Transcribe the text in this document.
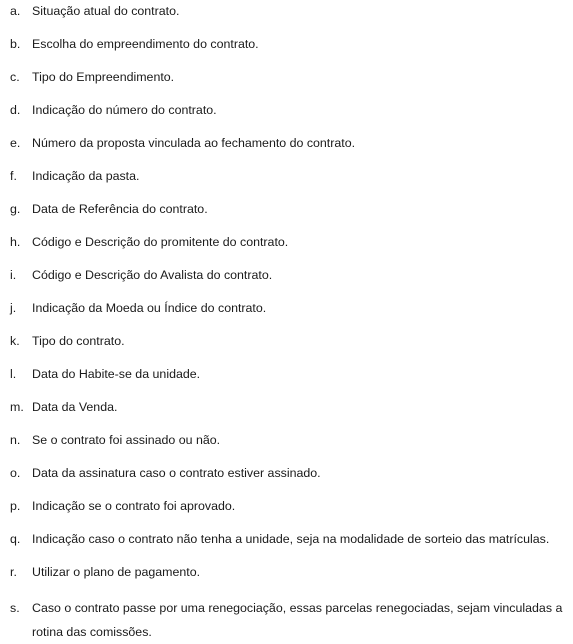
a. Situação atual do contrato.
b. Escolha do empreendimento do contrato.
c. Tipo do Empreendimento.
d. Indicação do número do contrato.
e. Número da proposta vinculada ao fechamento do contrato.
f.	Indicação da pasta.
g. Data de Referência do contrato.
h. Código e Descrição do promitente do contrato.
i.	Código e Descrição do Avalista do contrato.
j.	Indicação da Moeda ou Índice do contrato.
k. Tipo do contrato.
l.	Data do Habite-se da unidade.
m. Data da Venda.
n. Se o contrato foi assinado ou não.
o. Data da assinatura caso o contrato estiver assinado.
p. Indicação se o contrato foi aprovado.
q. Indicação caso o contrato não tenha a unidade, seja na modalidade de sorteio das matrículas.
r.	Utilizar o plano de pagamento.
s. Caso o contrato passe por uma renegociação, essas parcelas renegociadas, sejam vinculadas a rotina das comissões.
